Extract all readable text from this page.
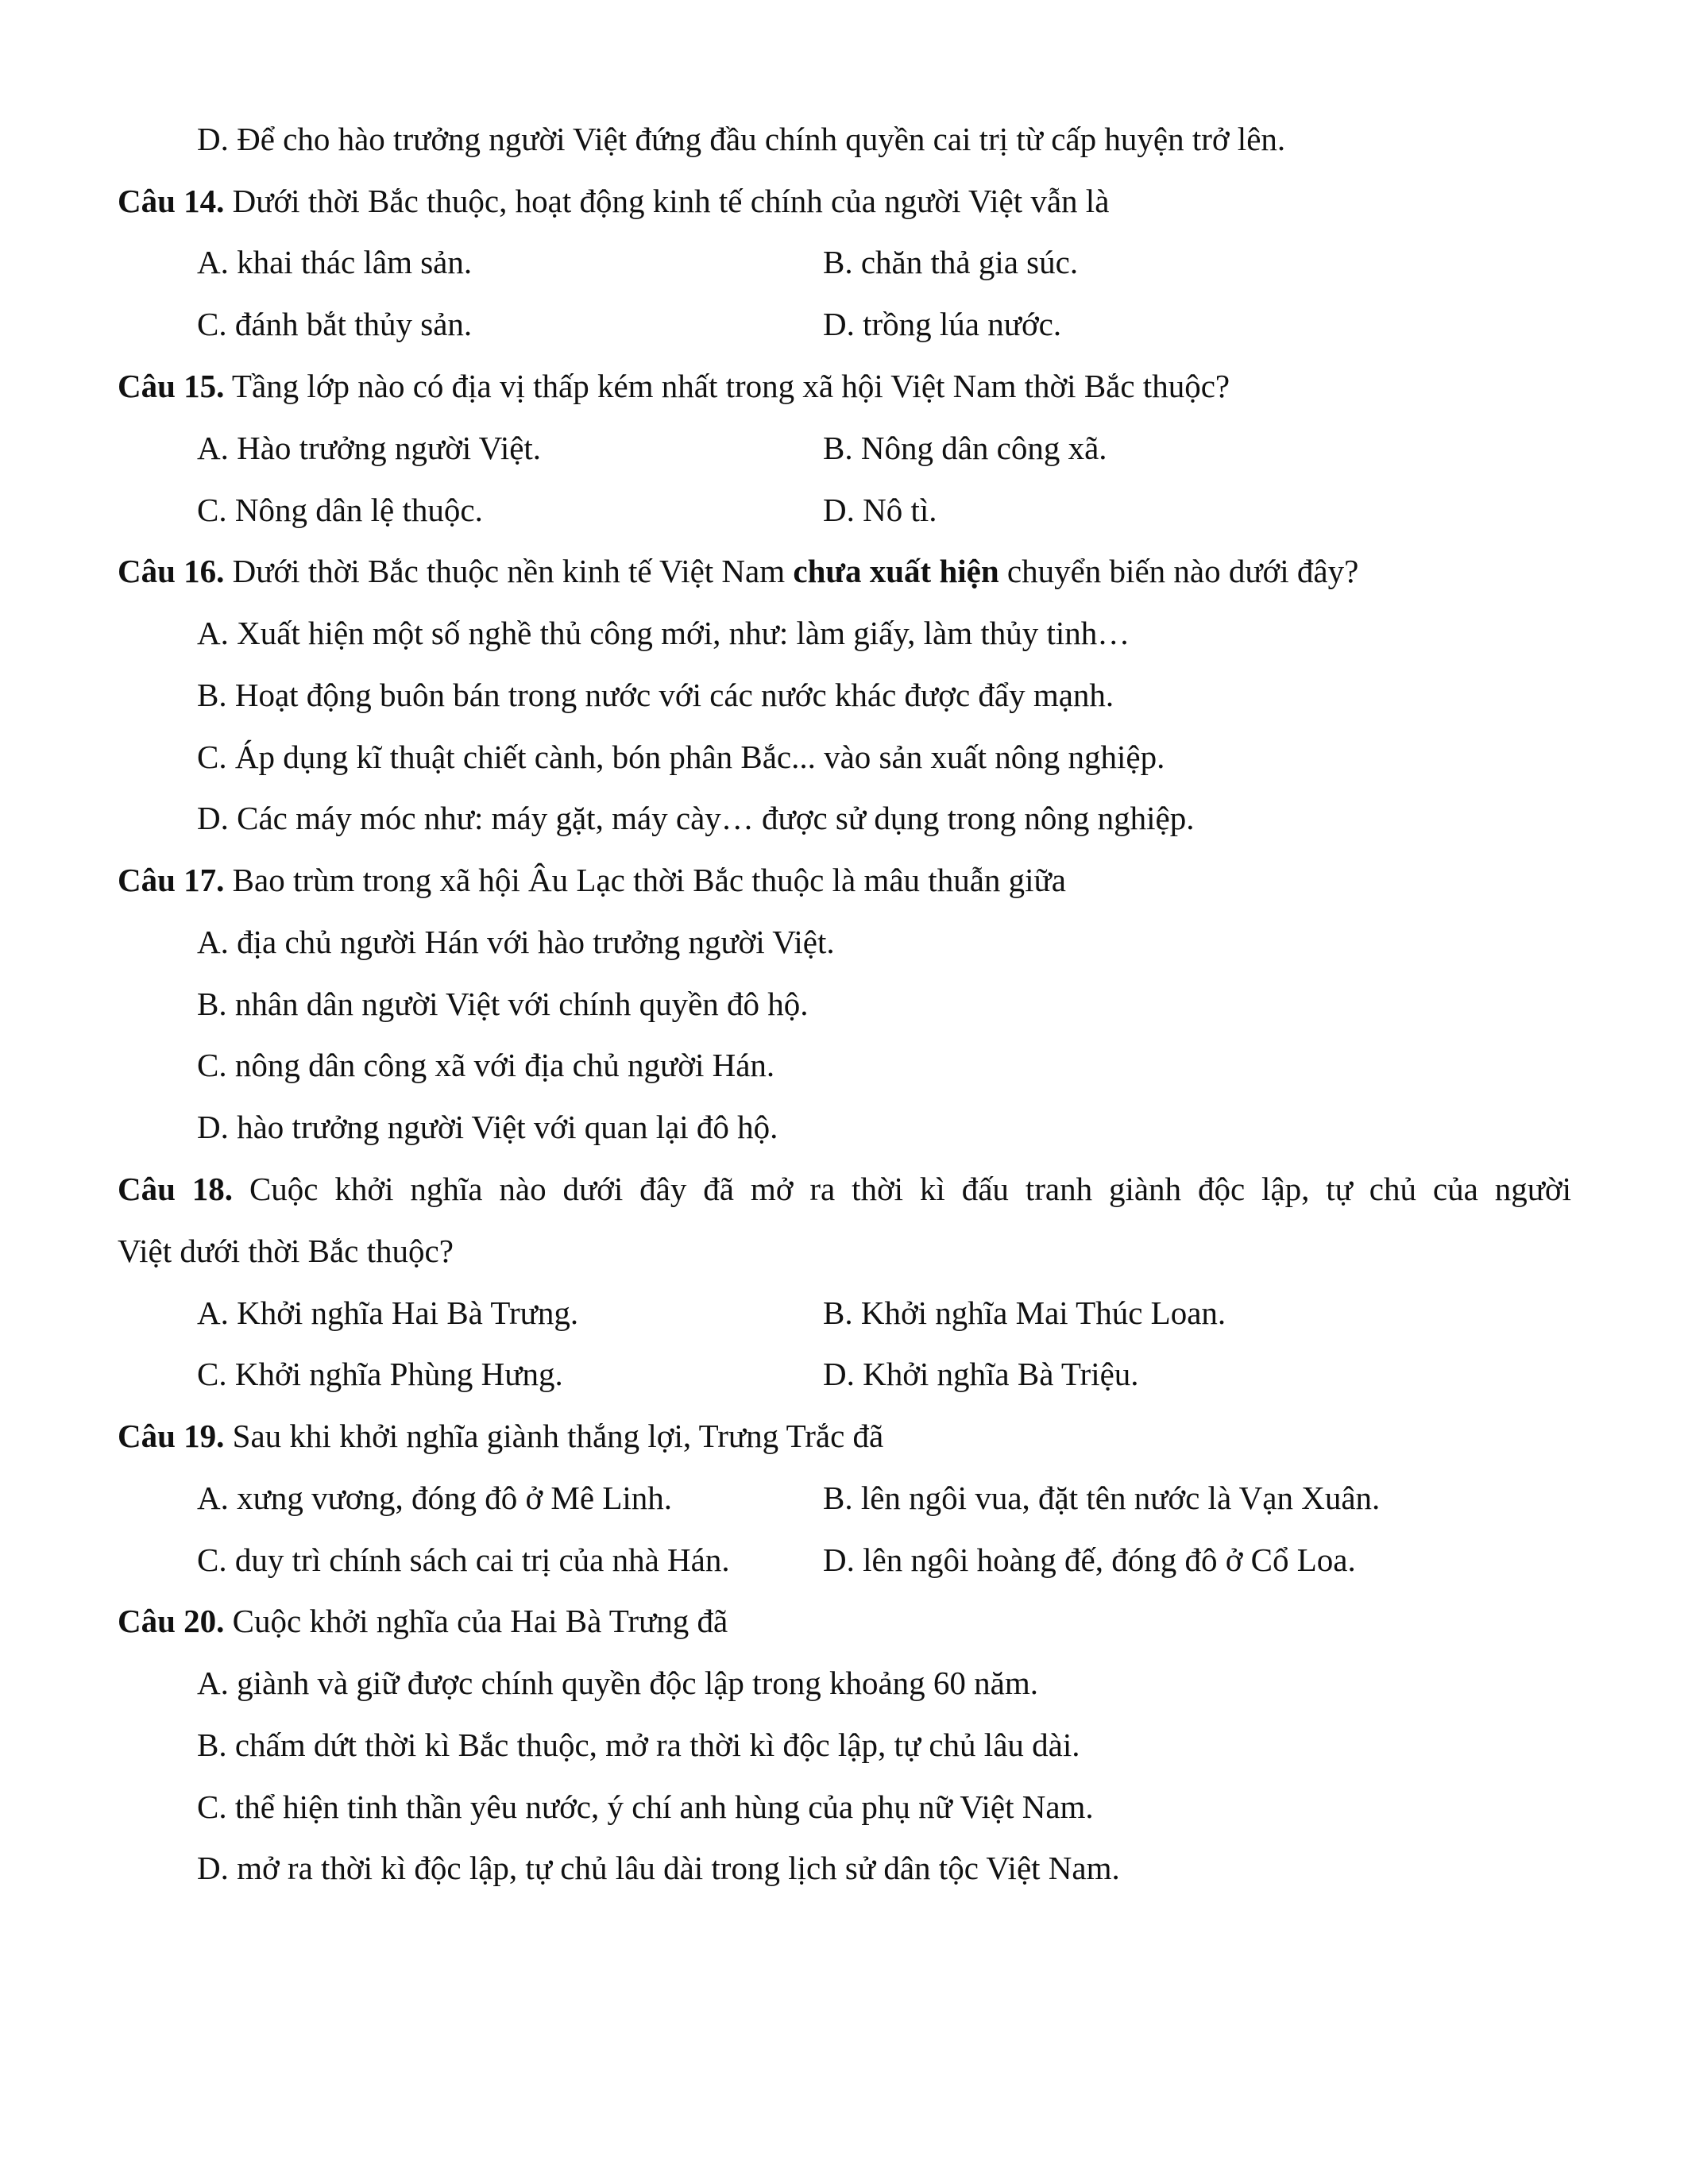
D. Để cho hào trưởng người Việt đứng đầu chính quyền cai trị từ cấp huyện trở lên.
Câu 14. Dưới thời Bắc thuộc, hoạt động kinh tế chính của người Việt vẫn là
A. khai thác lâm sản.	B. chăn thả gia súc.
C. đánh bắt thủy sản.	D. trồng lúa nước.
Câu 15. Tầng lớp nào có địa vị thấp kém nhất trong xã hội Việt Nam thời Bắc thuộc?
A. Hào trưởng người Việt.	B. Nông dân công xã.
C. Nông dân lệ thuộc.	D. Nô tì.
Câu 16. Dưới thời Bắc thuộc nền kinh tế Việt Nam chưa xuất hiện chuyển biến nào dưới đây?
A. Xuất hiện một số nghề thủ công mới, như: làm giấy, làm thủy tinh…
B. Hoạt động buôn bán trong nước với các nước khác được đẩy mạnh.
C. Áp dụng kĩ thuật chiết cành, bón phân Bắc... vào sản xuất nông nghiệp.
D. Các máy móc như: máy gặt, máy cày… được sử dụng trong nông nghiệp.
Câu 17. Bao trùm trong xã hội Âu Lạc thời Bắc thuộc là mâu thuẫn giữa
A. địa chủ người Hán với hào trưởng người Việt.
B. nhân dân người Việt với chính quyền đô hộ.
C. nông dân công xã với địa chủ người Hán.
D. hào trưởng người Việt với quan lại đô hộ.
Câu 18. Cuộc khởi nghĩa nào dưới đây đã mở ra thời kì đấu tranh giành độc lập, tự chủ của người
Việt dưới thời Bắc thuộc?
A. Khởi nghĩa Hai Bà Trưng.	B. Khởi nghĩa Mai Thúc Loan.
C. Khởi nghĩa Phùng Hưng.	D. Khởi nghĩa Bà Triệu.
Câu 19. Sau khi khởi nghĩa giành thắng lợi, Trưng Trắc đã
A. xưng vương, đóng đô ở Mê Linh.	B. lên ngôi vua, đặt tên nước là Vạn Xuân.
C. duy trì chính sách cai trị của nhà Hán.	D. lên ngôi hoàng đế, đóng đô ở Cổ Loa.
Câu 20. Cuộc khởi nghĩa của Hai Bà Trưng đã
A. giành và giữ được chính quyền độc lập trong khoảng 60 năm.
B. chấm dứt thời kì Bắc thuộc, mở ra thời kì độc lập, tự chủ lâu dài.
C. thể hiện tinh thần yêu nước, ý chí anh hùng của phụ nữ Việt Nam.
D. mở ra thời kì độc lập, tự chủ lâu dài trong lịch sử dân tộc Việt Nam.
